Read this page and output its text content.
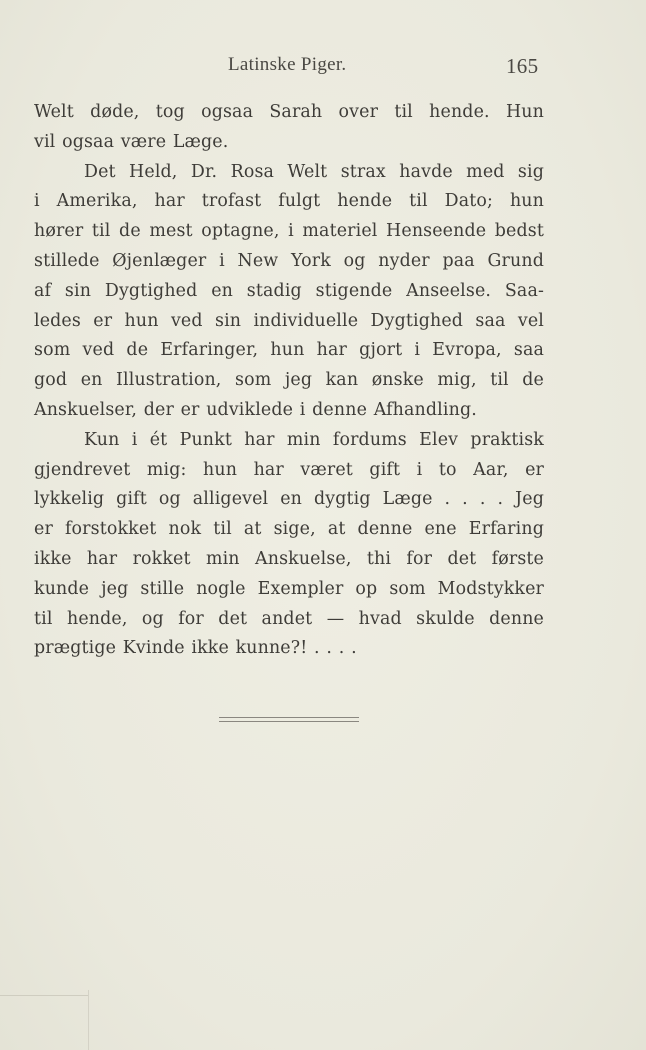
Latinske Piger.	165
Welt døde, tog ogsaa Sarah over til hende. Hun
vil ogsaa være Læge.
Det Held, Dr. Rosa Welt strax havde med sig
i Amerika, har trofast fulgt hende til Dato; hun
hører til de mest optagne, i materiel Henseende bedst
stillede Øjenlæger i New York og nyder paa Grund
af sin Dygtighed en stadig stigende Anseelse. Saa-
ledes er hun ved sin individuelle Dygtighed saa vel
som ved de Erfaringer, hun har gjort i Evropa, saa
god en Illustration, som jeg kan ønske mig, til de
Anskuelser, der er udviklede i denne Afhandling.
Kun i ét Punkt har min fordums Elev praktisk
gjendrevet mig: hun har været gift i to Aar, er
lykkelig gift og alligevel en dygtig Læge . . . . Jeg
er forstokket nok til at sige, at denne ene Erfaring
ikke har rokket min Anskuelse, thi for det første
kunde jeg stille nogle Exempler op som Modstykker
til hende, og for det andet — hvad skulde denne
prægtige Kvinde ikke kunne?! . . . .
